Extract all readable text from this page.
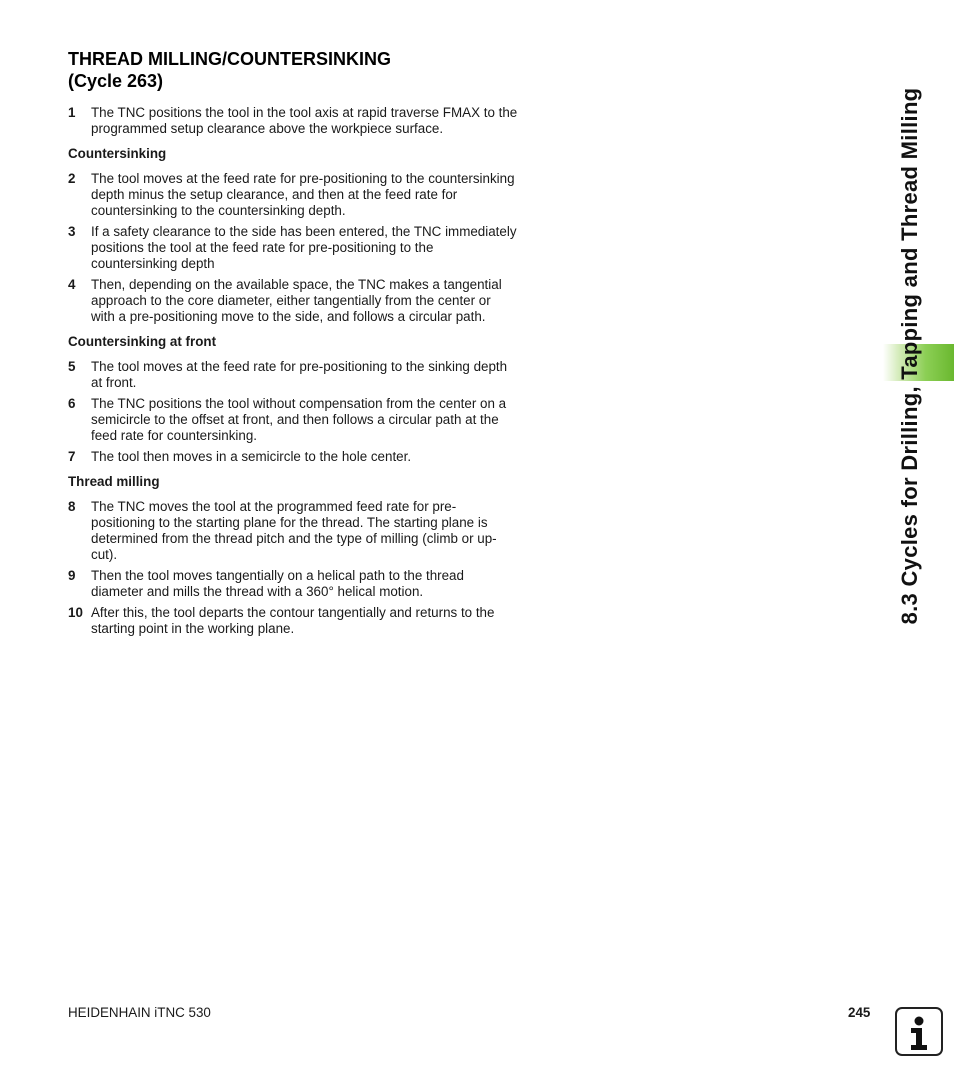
THREAD MILLING/COUNTERSINKING
(Cycle 263)
1 The TNC positions the tool in the tool axis at rapid traverse FMAX to the programmed setup clearance above the workpiece surface.
Countersinking
2 The tool moves at the feed rate for pre-positioning to the countersinking depth minus the setup clearance, and then at the feed rate for countersinking to the countersinking depth.
3 If a safety clearance to the side has been entered, the TNC immediately positions the tool at the feed rate for pre-positioning to the countersinking depth
4 Then, depending on the available space, the TNC makes a tangential approach to the core diameter, either tangentially from the center or with a pre-positioning move to the side, and follows a circular path.
Countersinking at front
5 The tool moves at the feed rate for pre-positioning to the sinking depth at front.
6 The TNC positions the tool without compensation from the center on a semicircle to the offset at front, and then follows a circular path at the feed rate for countersinking.
7 The tool then moves in a semicircle to the hole center.
Thread milling
8 The TNC moves the tool at the programmed feed rate for pre-positioning to the starting plane for the thread. The starting plane is determined from the thread pitch and the type of milling (climb or up-cut).
9 Then the tool moves tangentially on a helical path to the thread diameter and mills the thread with a 360° helical motion.
10 After this, the tool departs the contour tangentially and returns to the starting point in the working plane.
8.3 Cycles for Drilling, Tapping and Thread Milling
HEIDENHAIN iTNC 530	245
